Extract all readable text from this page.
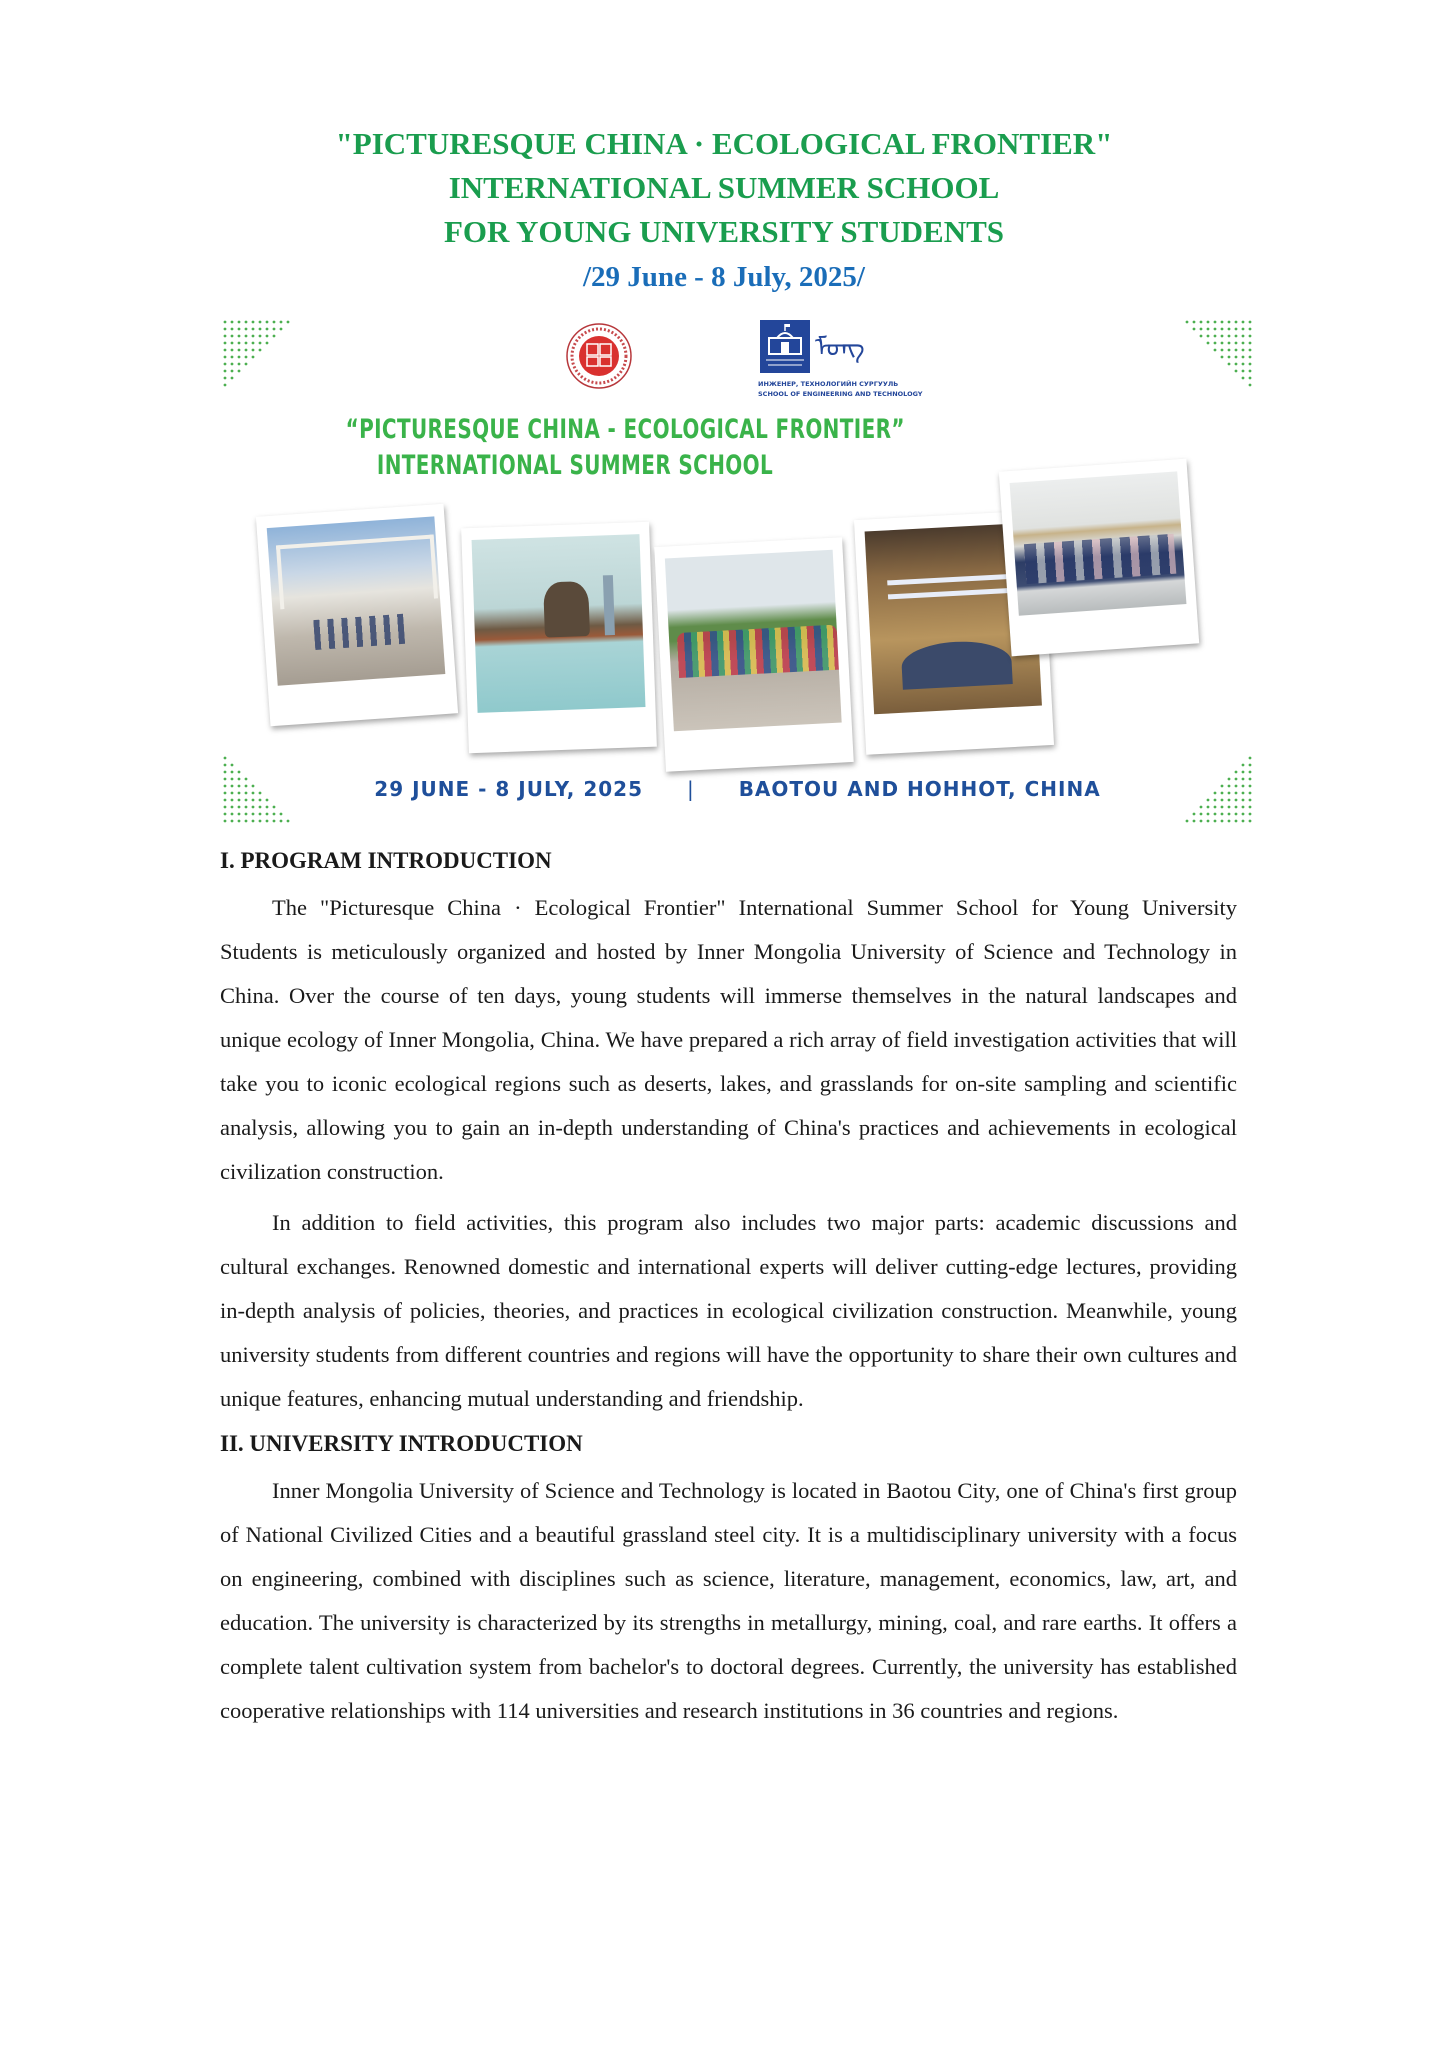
"PICTURESQUE CHINA · ECOLOGICAL FRONTIER"
INTERNATIONAL SUMMER SCHOOL
FOR YOUNG UNIVERSITY STUDENTS
/29 June - 8 July, 2025/
ᠮᠣᠩ
ИНЖЕНЕР, ТЕХНОЛОГИЙН СУРГУУЛЬ
SCHOOL OF ENGINEERING AND TECHNOLOGY
“PICTURESQUE CHINA - ECOLOGICAL FRONTIER”
INTERNATIONAL SUMMER SCHOOL
29 JUNE - 8 JULY, 2025 | BAOTOU AND HOHHOT, CHINA
I. PROGRAM INTRODUCTION

The "Picturesque China · Ecological Frontier" International Summer School for Young University Students is meticulously organized and hosted by Inner Mongolia University of Science and Technology in China. Over the course of ten days, young students will immerse themselves in the natural landscapes and unique ecology of Inner Mongolia, China. We have prepared a rich array of field investigation activities that will take you to iconic ecological regions such as deserts, lakes, and grasslands for on-site sampling and scientific analysis, allowing you to gain an in-depth understanding of China's practices and achievements in ecological civilization construction.

In addition to field activities, this program also includes two major parts: academic discussions and cultural exchanges. Renowned domestic and international experts will deliver cutting-edge lectures, providing in-depth analysis of policies, theories, and practices in ecological civilization construction. Meanwhile, young university students from different countries and regions will have the opportunity to share their own cultures and unique features, enhancing mutual understanding and friendship.

II. UNIVERSITY INTRODUCTION

Inner Mongolia University of Science and Technology is located in Baotou City, one of China's first group of National Civilized Cities and a beautiful grassland steel city. It is a multidisciplinary university with a focus on engineering, combined with disciplines such as science, literature, management, economics, law, art, and education. The university is characterized by its strengths in metallurgy, mining, coal, and rare earths. It offers a complete talent cultivation system from bachelor's to doctoral degrees. Currently, the university has established cooperative relationships with 114 universities and research institutions in 36 countries and regions.
